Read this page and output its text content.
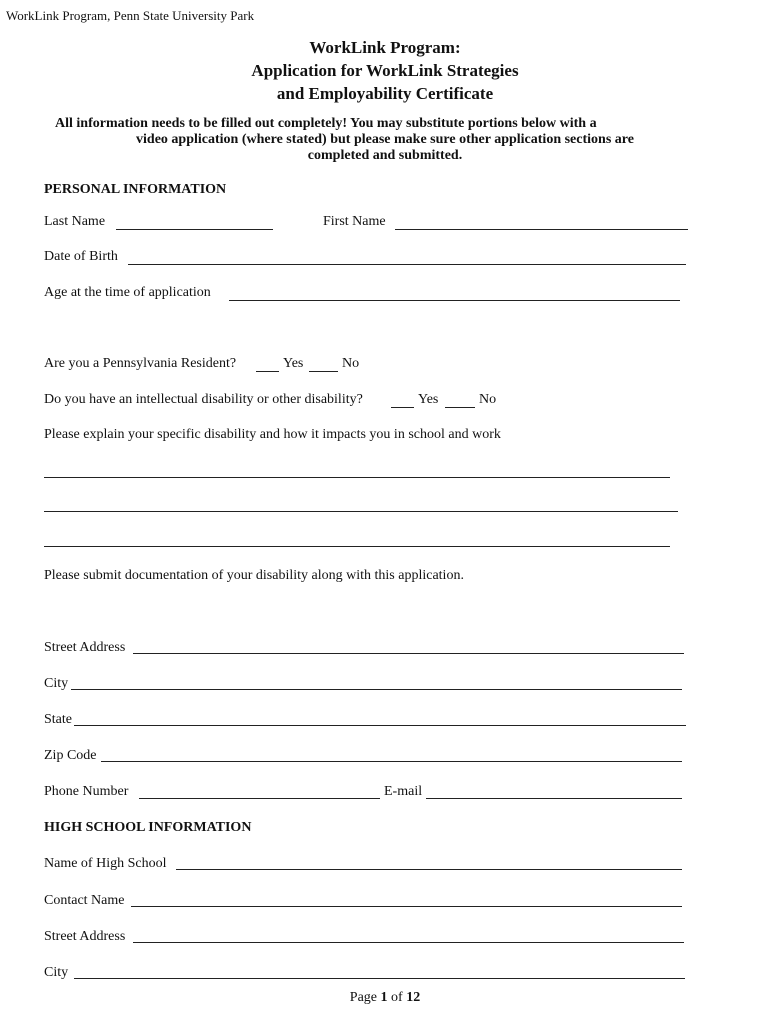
WorkLink Program, Penn State University Park
WorkLink Program:
Application for WorkLink Strategies
and Employability Certificate
All information needs to be filled out completely! You may substitute portions below with a
video application (where stated) but please make sure other application sections are
completed and submitted.
PERSONAL INFORMATION
Last Name	First Name
Date of Birth
Age at the time of application
Are you a Pennsylvania Resident?	Yes	No
Do you have an intellectual disability or other disability?	Yes	No
Please explain your specific disability and how it impacts you in school and work
Please submit documentation of your disability along with this application.
Street Address
City
State
Zip Code
Phone Number	E-mail
HIGH SCHOOL INFORMATION
Name of High School
Contact Name
Street Address
City
Page 1 of 12
